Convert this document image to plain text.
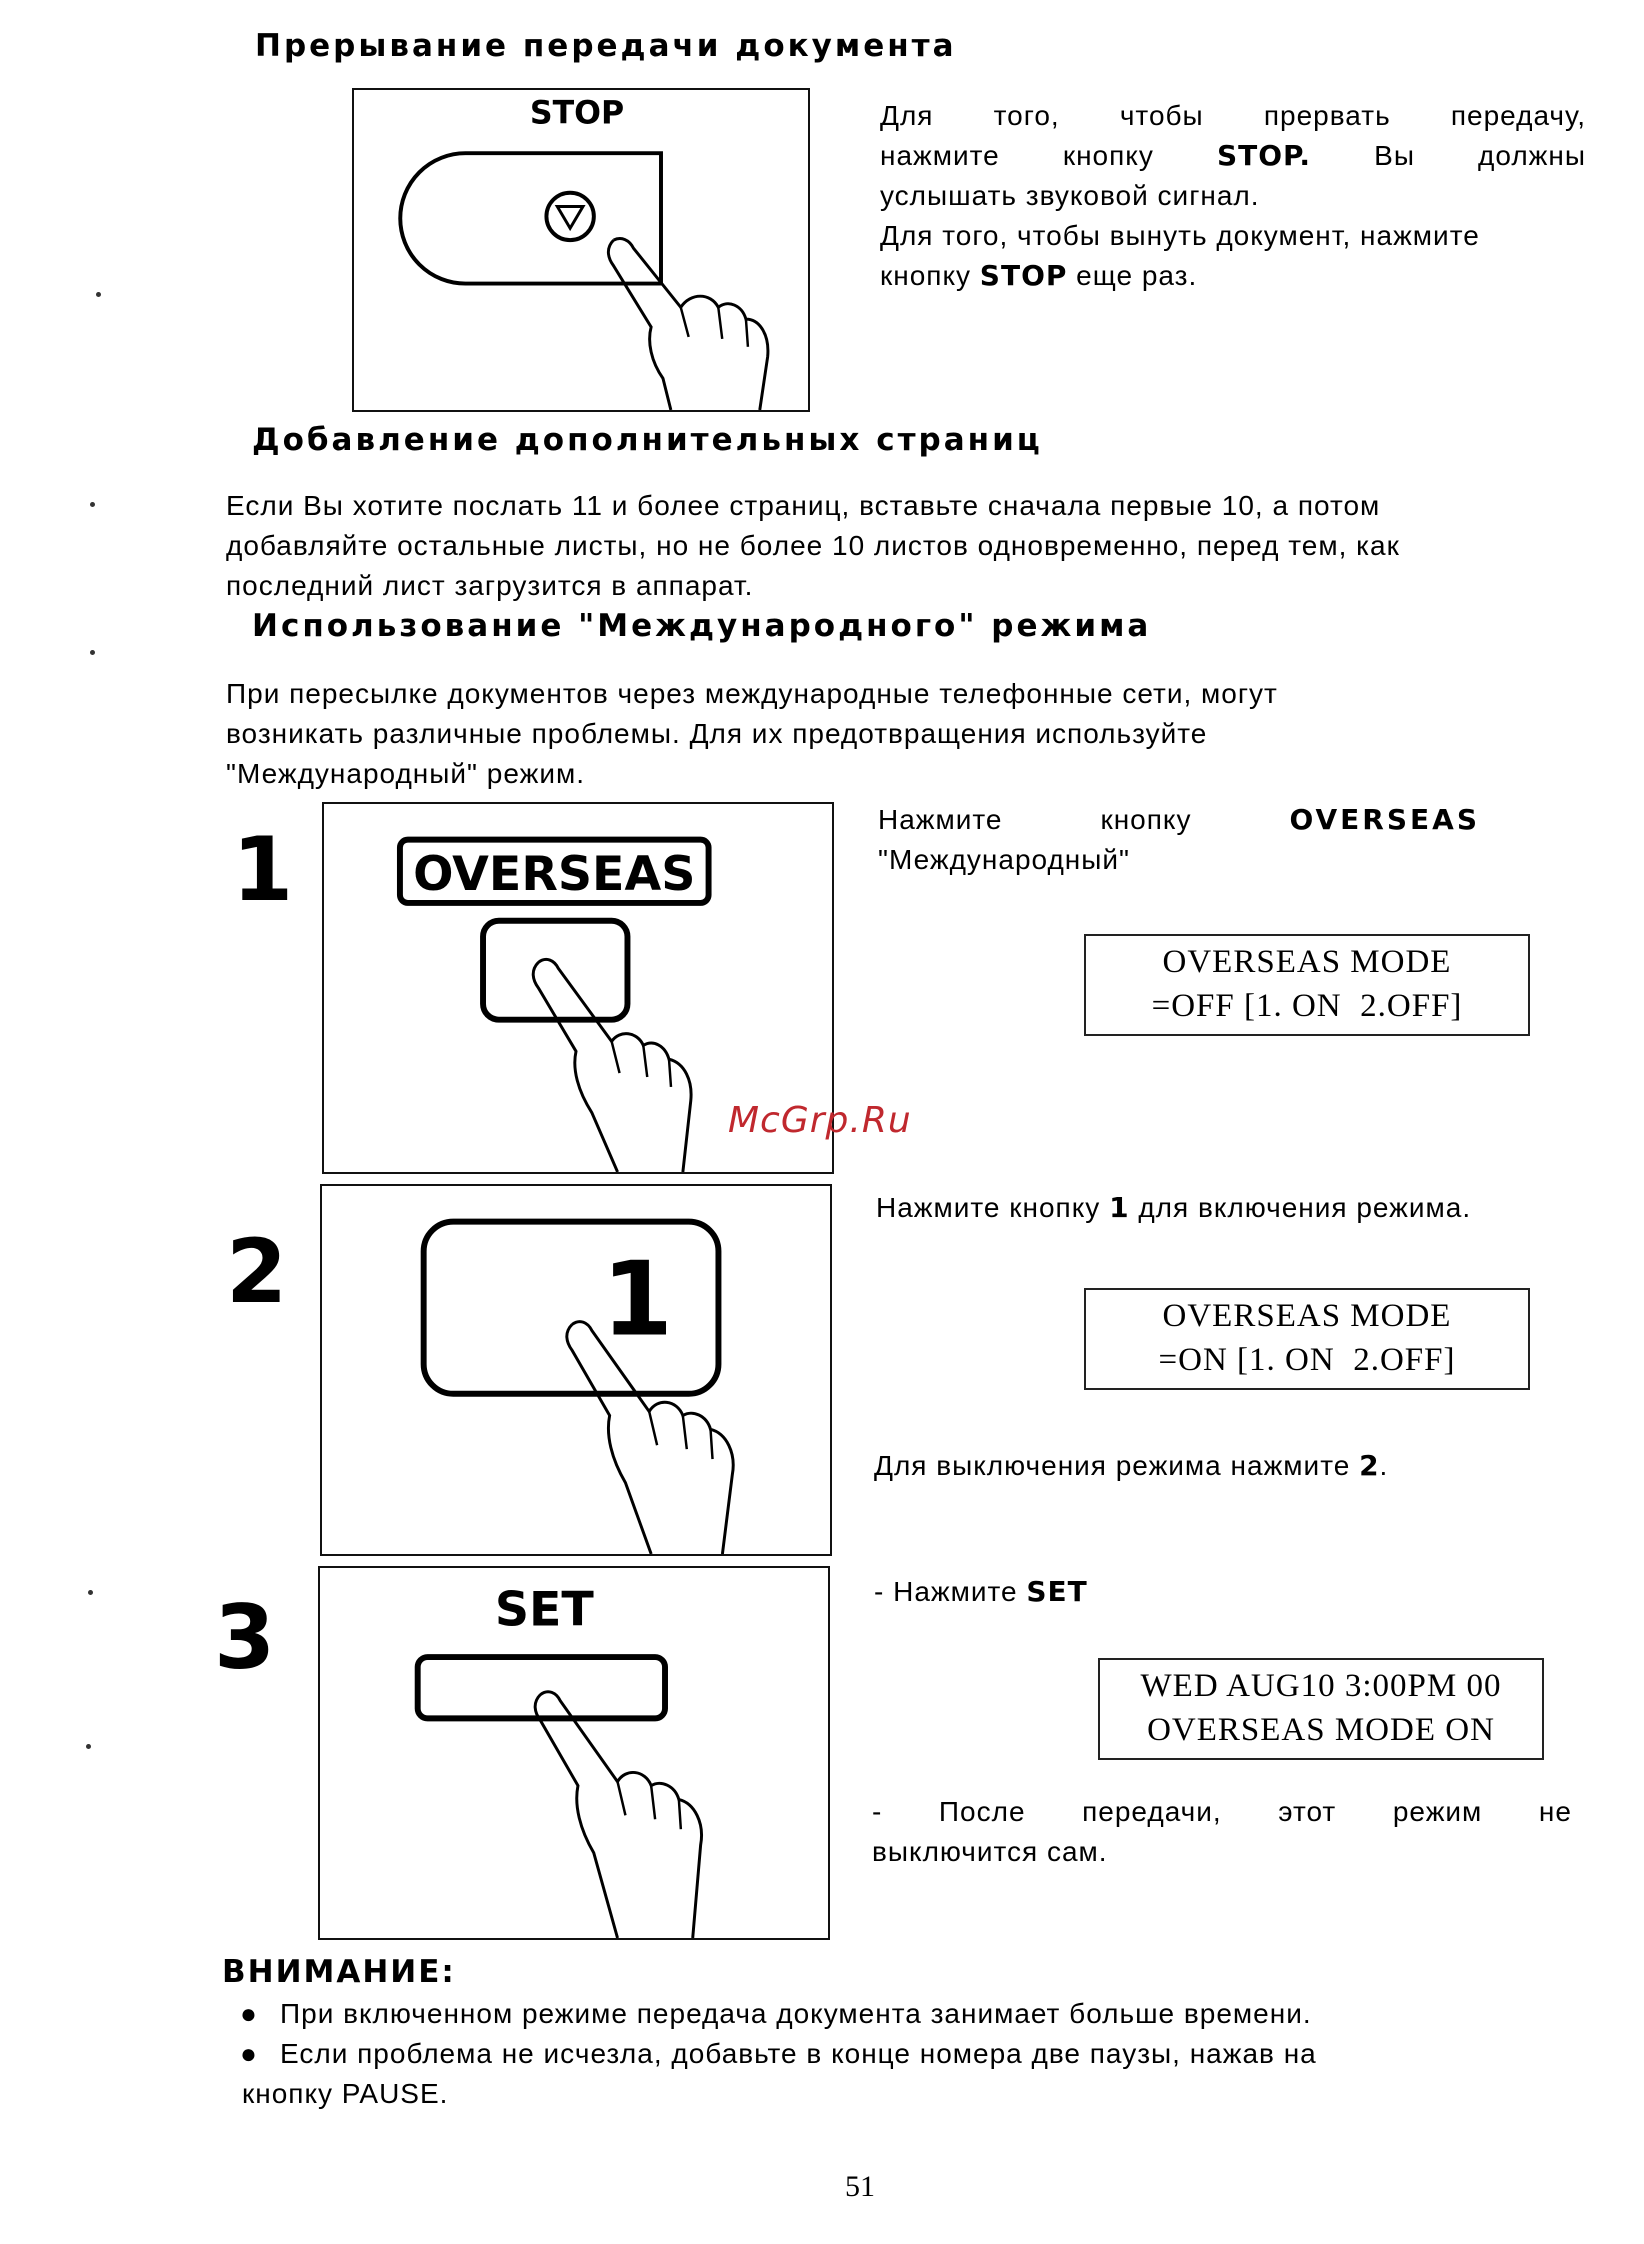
Прерывание передачи документа
STOP	Для того, чтобы прервать передачу,
нажмите кнопку STOP. Вы должны
услышать звуковой сигнал.
Для того, чтобы вынуть документ, нажмите
кнопку STOP еще раз.
Добавление дополнительных страниц
Если Вы хотите послать 11 и более страниц, вставьте сначала первые 10, а потом
добавляйте остальные листы, но не более 10 листов одновременно, перед тем, как
последний лист загрузится в аппарат.
Использование "Международного" режима
При пересылке документов через международные телефонные сети, могут
возникать различные проблемы. Для их предотвращения используйте
"Международный" режим.
1 OVERSEAS
Нажмите	кнопку	OVERSEAS
"Международный"
OVERSEAS MODE
=OFF [1. ON  2.OFF]
McGrp.Ru
2	1
Нажмите кнопку 1 для включения режима.
OVERSEAS MODE
=ON [1. ON  2.OFF]
Для выключения режима нажмите 2.
3	SET	- Нажмите SET
WED AUG10 3:00PM 00
OVERSEAS MODE ON
- После передачи, этот режим не
выключится сам.
ВНИМАНИЕ:
● При включенном режиме передача документа занимает больше времени.
● Если проблема не исчезла, добавьте в конце номера две паузы, нажав на
кнопку PAUSE.
51
